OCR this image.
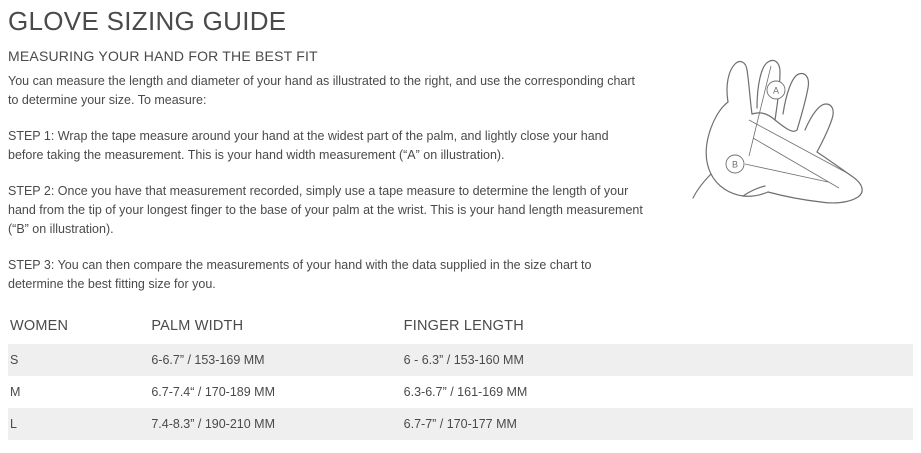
GLOVE SIZING GUIDE
MEASURING YOUR HAND FOR THE BEST FIT

You can measure the length and diameter of your hand as illustrated to the right, and use the corresponding chart to determine your size. To measure:

STEP 1: Wrap the tape measure around your hand at the widest part of the palm, and lightly close your hand before taking the measurement. This is your hand width measurement (“A” on illustration).

STEP 2: Once you have that measurement recorded, simply use a tape measure to determine the length of your hand from the tip of your longest finger to the base of your palm at the wrist. This is your hand length measurement (“B” on illustration).

STEP 3: You can then compare the measurements of your hand with the data supplied in the size chart to determine the best fitting size for you.

A
B
WOMEN	PALM WIDTH	FINGER LENGTH
S	6-6.7” / 153-169 MM	6 - 6.3” / 153-160 MM
M	6.7-7.4“ / 170-189 MM	6.3-6.7” / 161-169 MM
L	7.4-8.3” / 190-210 MM	6.7-7” / 170-177 MM
